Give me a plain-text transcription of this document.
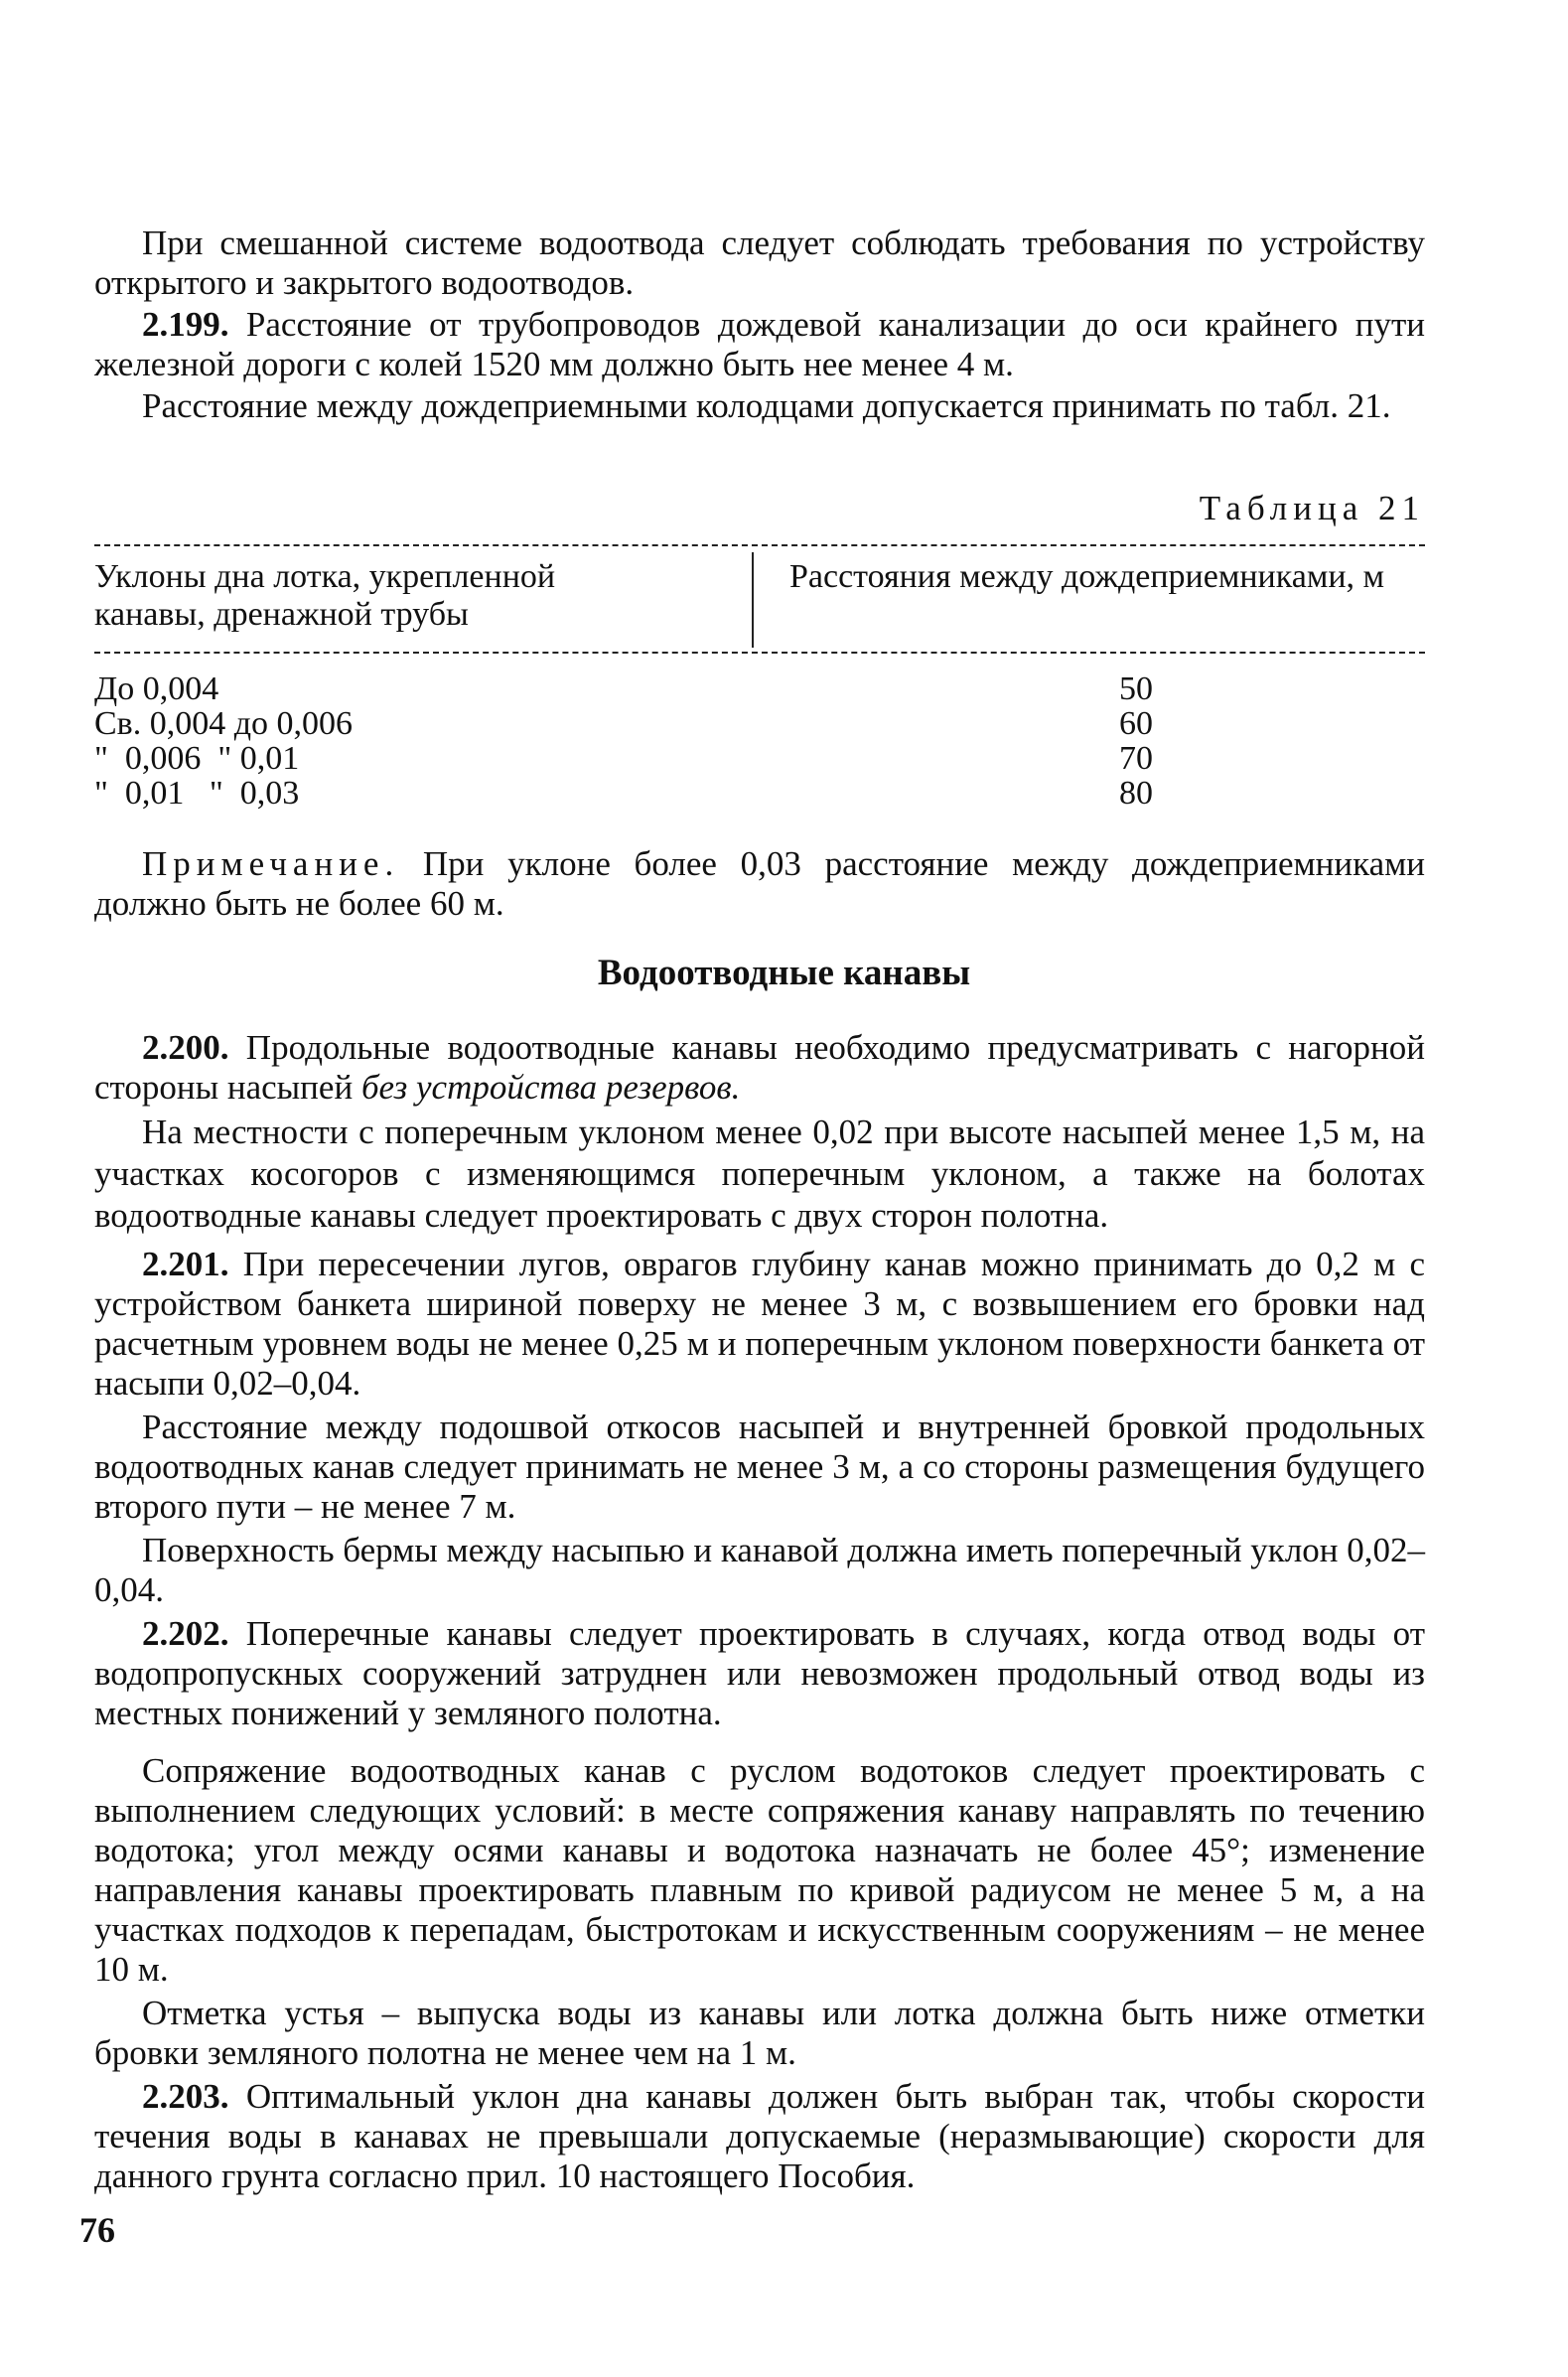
При смешанной системе водоотвода следует соблюдать требования по устройству открытого и закрытого водоотводов.

2.199. Расстояние от трубопроводов дождевой канализации до оси крайнего пути железной дороги с колей 1520 мм должно быть нее менее 4 м.

Расстояние между дождеприемными колодцами допускается принимать по табл. 21.

Таблица 21
Уклоны дна лотка, укрепленной канавы, дренажной трубы
Расстояния между дождеприемниками, м
До 0,004	50
Св. 0,004 до 0,006	60
"  0,006  " 0,01	70
"  0,01   "  0,03	80

Примечание. При уклоне более 0,03 расстояние между дождеприемниками должно быть не более 60 м.

Водоотводные канавы

2.200. Продольные водоотводные канавы необходимо предусматривать с нагорной стороны насыпей без устройства резервов.

На местности с поперечным уклоном менее 0,02 при высоте насыпей менее 1,5 м, на участках косогоров с изменяющимся поперечным уклоном, а также на болотах водоотводные канавы следует проектировать с двух сторон полотна.

2.201. При пересечении лугов, оврагов глубину канав можно принимать до 0,2 м с устройством банкета шириной поверху не менее 3 м, с возвышением его бровки над расчетным уровнем воды не менее 0,25 м и поперечным уклоном поверхности банкета от насыпи 0,02–0,04.

Расстояние между подошвой откосов насыпей и внутренней бровкой продольных водоотводных канав следует принимать не менее 3 м, а со стороны размещения будущего второго пути – не менее 7 м.

Поверхность бермы между насыпью и канавой должна иметь поперечный уклон 0,02–0,04.

2.202. Поперечные канавы следует проектировать в случаях, когда отвод воды от водопропускных сооружений затруднен или невозможен продольный отвод воды из местных понижений у земляного полотна.

Сопряжение водоотводных канав с руслом водотоков следует проектировать с выполнением следующих условий: в месте сопряжения канаву направлять по течению водотока; угол между осями канавы и водотока назначать не более 45°; изменение направления канавы проектировать плавным по кривой радиусом не менее 5 м, а на участках подходов к перепадам, быстротокам и искусственным сооружениям – не менее 10 м.

Отметка устья – выпуска воды из канавы или лотка должна быть ниже отметки бровки земляного полотна не менее чем на 1 м.

2.203. Оптимальный уклон дна канавы должен быть выбран так, чтобы скорости течения воды в канавах не превышали допускаемые (неразмывающие) скорости для данного грунта согласно прил. 10 настоящего Пособия.

76
